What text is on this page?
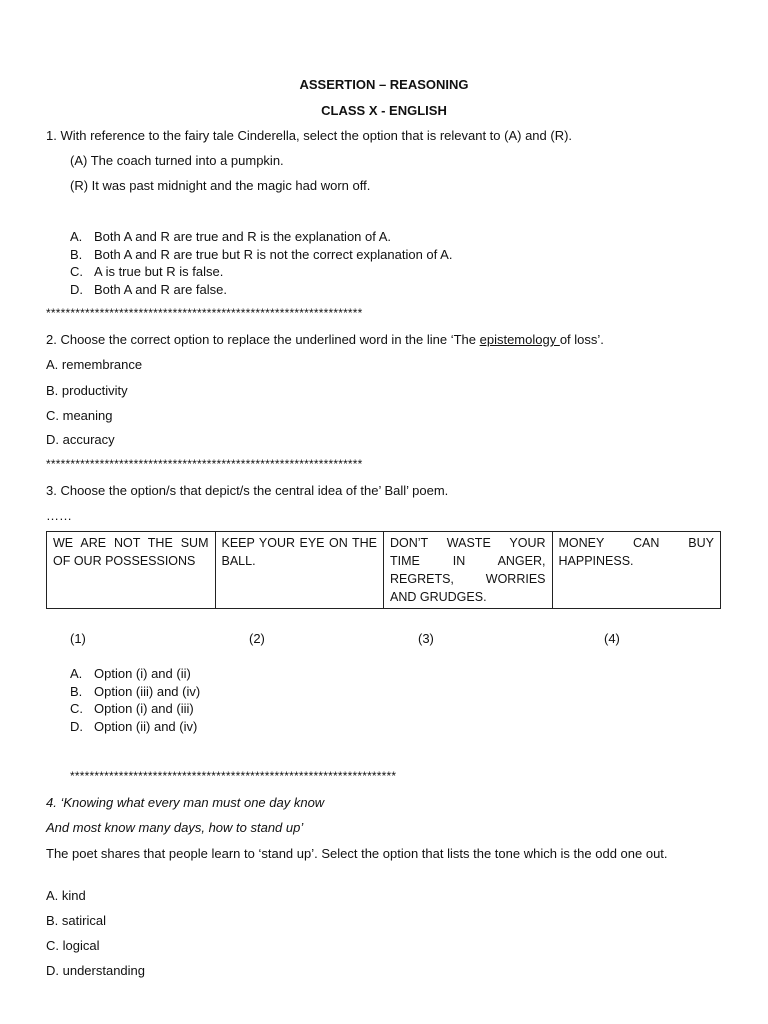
ASSERTION – REASONING
CLASS X - ENGLISH
1. With reference to the fairy tale Cinderella, select the option that is relevant to (A) and (R).
(A) The coach turned into a pumpkin.
(R) It was past midnight and the magic had worn off.
A. Both A and R are true and R is the explanation of A.
B. Both A and R are true but R is not the correct explanation of A.
C. A is true but R is false.
D. Both A and R are false.
*****************************************************************
2. Choose the correct option to replace the underlined word in the line ‘The epistemology of loss’.
A. remembrance
B. productivity
C. meaning
D. accuracy
*****************************************************************
3. Choose the option/s that depict/s the central idea of the’ Ball’ poem.
……
WE ARE NOT THE SUM OF OUR POSSESSIONS	KEEP YOUR EYE ON THE BALL.	DON’T WASTE YOUR TIME IN ANGER, REGRETS, WORRIES AND GRUDGES.	MONEY CAN BUY HAPPINESS.
(1)	(2)	(3)	(4)
A. Option (i) and (ii)
B. Option (iii) and (iv)
C. Option (i) and (iii)
D. Option (ii) and (iv)
*******************************************************************
4. ‘Knowing what every man must one day know
And most know many days, how to stand up’
The poet shares that people learn to ‘stand up’. Select the option that lists the tone which is the odd one out.
A. kind
B. satirical
C. logical
D. understanding
